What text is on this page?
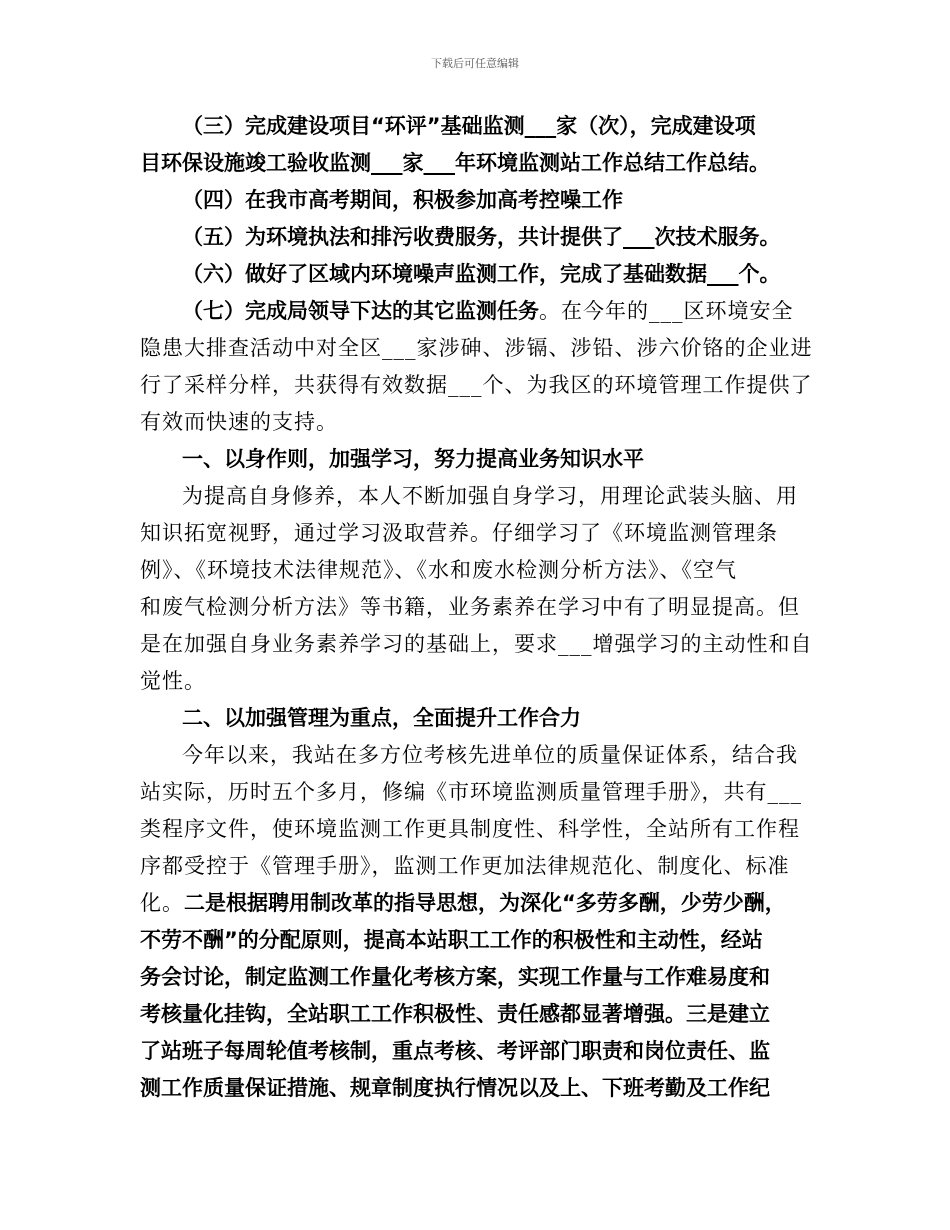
下载后可任意编辑
（三）完成建设项目“环评”基础监测___家（次），完成建设项
目环保设施竣工验收监测___家___年环境监测站工作总结工作总结。
（四）在我市高考期间，积极参加高考控噪工作
（五）为环境执法和排污收费服务，共计提供了___次技术服务。
（六）做好了区域内环境噪声监测工作，完成了基础数据___个。
（七）完成局领导下达的其它监测任务。在今年的___区环境安全
隐患大排查活动中对全区___家涉砷、涉镉、涉铅、涉六价铬的企业进
行了采样分样，共获得有效数据___个、为我区的环境管理工作提供了
有效而快速的支持。
一、以身作则，加强学习，努力提高业务知识水平
为提高自身修养，本人不断加强自身学习，用理论武装头脑、用
知识拓宽视野，通过学习汲取营养。仔细学习了《环境监测管理条
例》、《环境技术法律规范》、《水和废水检测分析方法》、《空气
和废气检测分析方法》等书籍，业务素养在学习中有了明显提高。但
是在加强自身业务素养学习的基础上，要求___增强学习的主动性和自
觉性。
二、以加强管理为重点，全面提升工作合力
今年以来，我站在多方位考核先进单位的质量保证体系，结合我
站实际，历时五个多月，修编《市环境监测质量管理手册》，共有___
类程序文件，使环境监测工作更具制度性、科学性，全站所有工作程
序都受控于《管理手册》，监测工作更加法律规范化、制度化、标准
化。二是根据聘用制改革的指导思想，为深化“多劳多酬，少劳少酬，
不劳不酬”的分配原则，提高本站职工工作的积极性和主动性，经站
务会讨论，制定监测工作量化考核方案，实现工作量与工作难易度和
考核量化挂钩，全站职工工作积极性、责任感都显著增强。三是建立
了站班子每周轮值考核制，重点考核、考评部门职责和岗位责任、监
测工作质量保证措施、规章制度执行情况以及上、下班考勤及工作纪
